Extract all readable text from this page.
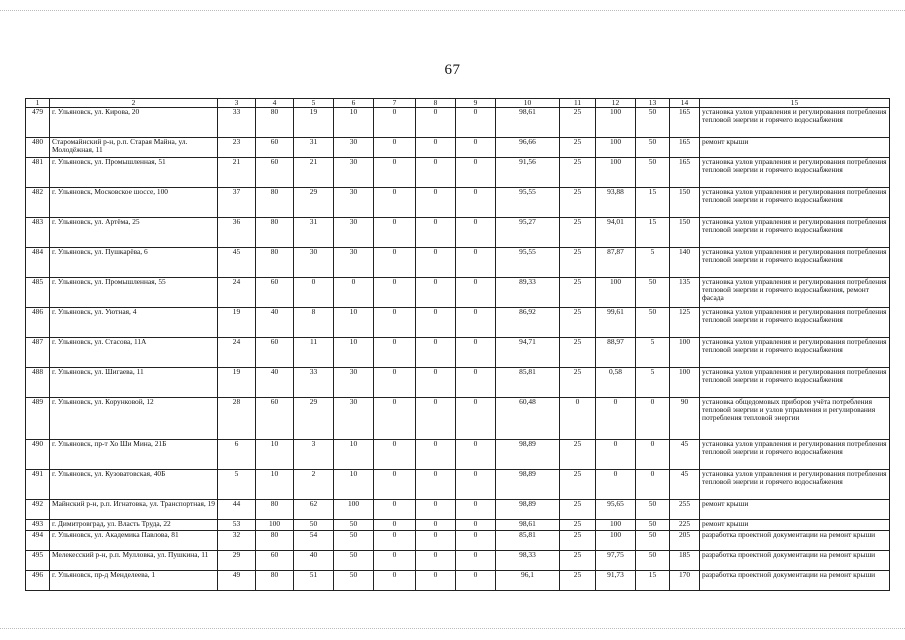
67
1	2	3	4	5	6	7	8	9	10	11	12	13	14	15
479	г. Ульяновск, ул. Кирова, 20	33	80	19	10	0	0	0	98,61	25	100	50	165	установка узлов управления и регулирования потребления тепловой энергии и горячего водоснабжения
480	Старомайнский р-н, р.п. Старая Майна, ул. Молодёжная, 11	23	60	31	30	0	0	0	96,66	25	100	50	165	ремонт крыши
481	г. Ульяновск, ул. Промышленная, 51	21	60	21	30	0	0	0	91,56	25	100	50	165	установка узлов управления и регулирования потребления тепловой энергии и горячего водоснабжения
482	г. Ульяновск, Московское шоссе, 100	37	80	29	30	0	0	0	95,55	25	93,88	15	150	установка узлов управления и регулирования потребления тепловой энергии и горячего водоснабжения
483	г. Ульяновск, ул. Артёма, 25	36	80	31	30	0	0	0	95,27	25	94,01	15	150	установка узлов управления и регулирования потребления тепловой энергии и горячего водоснабжения
484	г. Ульяновск, ул. Пушкарёва, 6	45	80	30	30	0	0	0	95,55	25	87,87	5	140	установка узлов управления и регулирования потребления тепловой энергии и горячего водоснабжения
485	г. Ульяновск, ул. Промышленная, 55	24	60	0	0	0	0	0	89,33	25	100	50	135	установка узлов управления и регулирования потребления тепловой энергии и горячего водоснабжения, ремонт фасада
486	г. Ульяновск, ул. Уютная, 4	19	40	8	10	0	0	0	86,92	25	99,61	50	125	установка узлов управления и регулирования потребления тепловой энергии и горячего водоснабжения
487	г. Ульяновск, ул. Стасова, 11А	24	60	11	10	0	0	0	94,71	25	88,97	5	100	установка узлов управления и регулирования потребления тепловой энергии и горячего водоснабжения
488	г. Ульяновск, ул. Шигаева, 11	19	40	33	30	0	0	0	85,81	25	0,58	5	100	установка узлов управления и регулирования потребления тепловой энергии и горячего водоснабжения
489	г. Ульяновск, ул. Корунковой, 12	28	60	29	30	0	0	0	60,48	0	0	0	90	установка общедомовых приборов учёта потребления тепловой энергии и узлов управления и регулирования потребления тепловой энергии
490	г. Ульяновск, пр-т Хо Ши Мина, 21Б	6	10	3	10	0	0	0	98,89	25	0	0	45	установка узлов управления и регулирования потребления тепловой энергии и горячего водоснабжения
491	г. Ульяновск, ул. Кузоватовская, 40Б	5	10	2	10	0	0	0	98,89	25	0	0	45	установка узлов управления и регулирования потребления тепловой энергии и горячего водоснабжения
492	Майнский р-н, р.п. Игнатовка, ул. Транспортная, 19	44	80	62	100	0	0	0	98,89	25	95,65	50	255	ремонт крыши
493	г. Димитровград, ул. Власть Труда, 22	53	100	50	50	0	0	0	98,61	25	100	50	225	ремонт крыши
494	г. Ульяновск, ул. Академика Павлова, 81	32	80	54	50	0	0	0	85,81	25	100	50	205	разработка проектной документации на ремонт крыши
495	Мелекесский р-н, р.п. Мулловка, ул. Пушкина, 11	29	60	40	50	0	0	0	98,33	25	97,75	50	185	разработка проектной документации на ремонт крыши
496	г. Ульяновск, пр-д Менделеева, 1	49	80	51	50	0	0	0	96,1	25	91,73	15	170	разработка проектной документации на ремонт крыши
